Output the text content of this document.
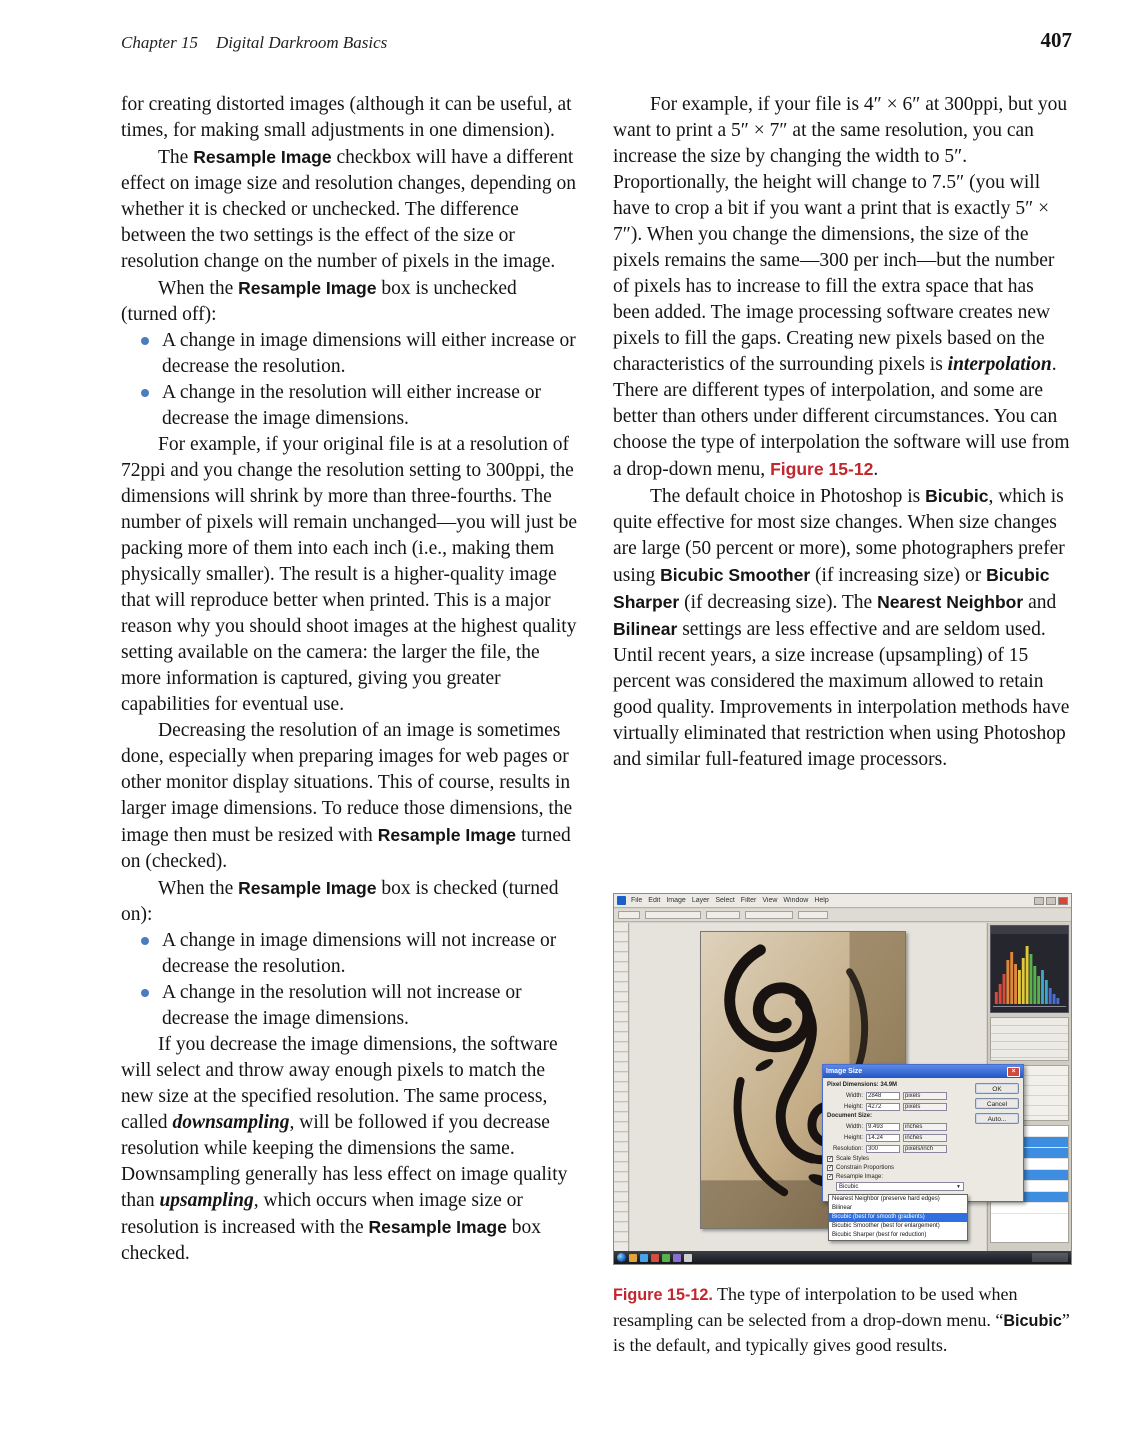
Chapter 15 Digital Darkroom Basics	407

for creating distorted images (although it can be useful, at times, for making small adjustments in one dimension).

The Resample Image checkbox will have a different effect on image size and resolution changes, depending on whether it is checked or unchecked. The difference between the two settings is the effect of the size or resolution change on the number of pixels in the image.

When the Resample Image box is unchecked (turned off):

A change in image dimensions will either increase or decrease the resolution.
A change in the resolution will either increase or decrease the image dimensions.

For example, if your original file is at a resolution of 72ppi and you change the resolution setting to 300ppi, the dimensions will shrink by more than three-fourths. The number of pixels will remain unchanged—you will just be packing more of them into each inch (i.e., making them physically smaller). The result is a higher-quality image that will reproduce better when printed. This is a major reason why you should shoot images at the highest quality setting available on the camera: the larger the file, the more information is captured, giving you greater capabilities for eventual use.

Decreasing the resolution of an image is sometimes done, especially when preparing images for web pages or other monitor display situations. This of course, results in larger image dimensions. To reduce those dimensions, the image then must be resized with Resample Image turned on (checked).

When the Resample Image box is checked (turned on):

A change in image dimensions will not increase or decrease the resolution.
A change in the resolution will not increase or decrease the image dimensions.

If you decrease the image dimensions, the software will select and throw away enough pixels to match the new size at the specified resolution. The same process, called downsampling, will be followed if you decrease resolution while keeping the dimensions the same. Downsampling generally has less effect on image quality than upsampling, which occurs when image size or resolution is increased with the Resample Image box checked.

For example, if your file is 4″ × 6″ at 300ppi, but you want to print a 5″ × 7″ at the same resolution, you can increase the size by changing the width to 5″. Proportionally, the height will change to 7.5″ (you will have to crop a bit if you want a print that is exactly 5″ × 7″). When you change the dimensions, the size of the pixels remains the same—300 per inch—but the number of pixels has to increase to fill the extra space that has been added. The image processing software creates new pixels to fill the gaps. Creating new pixels based on the characteristics of the surrounding pixels is interpolation. There are different types of interpolation, and some are better than others under different circumstances. You can choose the type of interpolation the software will use from a drop-down menu, Figure 15-12.

The default choice in Photoshop is Bicubic, which is quite effective for most size changes. When size changes are large (50 percent or more), some photographers prefer using Bicubic Smoother (if increasing size) or Bicubic Sharper (if decreasing size). The Nearest Neighbor and Bilinear settings are less effective and are seldom used. Until recent years, a size increase (upsampling) of 15 percent was considered the maximum allowed to retain good quality. Improvements in interpolation methods have virtually eliminated that restriction when using Photoshop and similar full-featured image processors.

File Edit Image Layer Select Filter View Window Help
Image Size	×
Pixel Dimensions: 34.9M
Width: 2848	pixels
Height: 4272	pixels
Document Size:
Width: 9.493	inches
Height: 14.24	inches
Resolution: 300	pixels/inch
✓ Scale Styles
✓ Constrain Proportions
✓ Resample Image:
Bicubic	▼
OK
Cancel
Auto...
Nearest Neighbor (preserve hard edges)
Bilinear
Bicubic (best for smooth gradients)
Bicubic Smoother (best for enlargement)
Bicubic Sharper (best for reduction)

Figure 15-12. The type of interpolation to be used when resampling can be selected from a drop-down menu. “Bicubic” is the default, and typically gives good results.
